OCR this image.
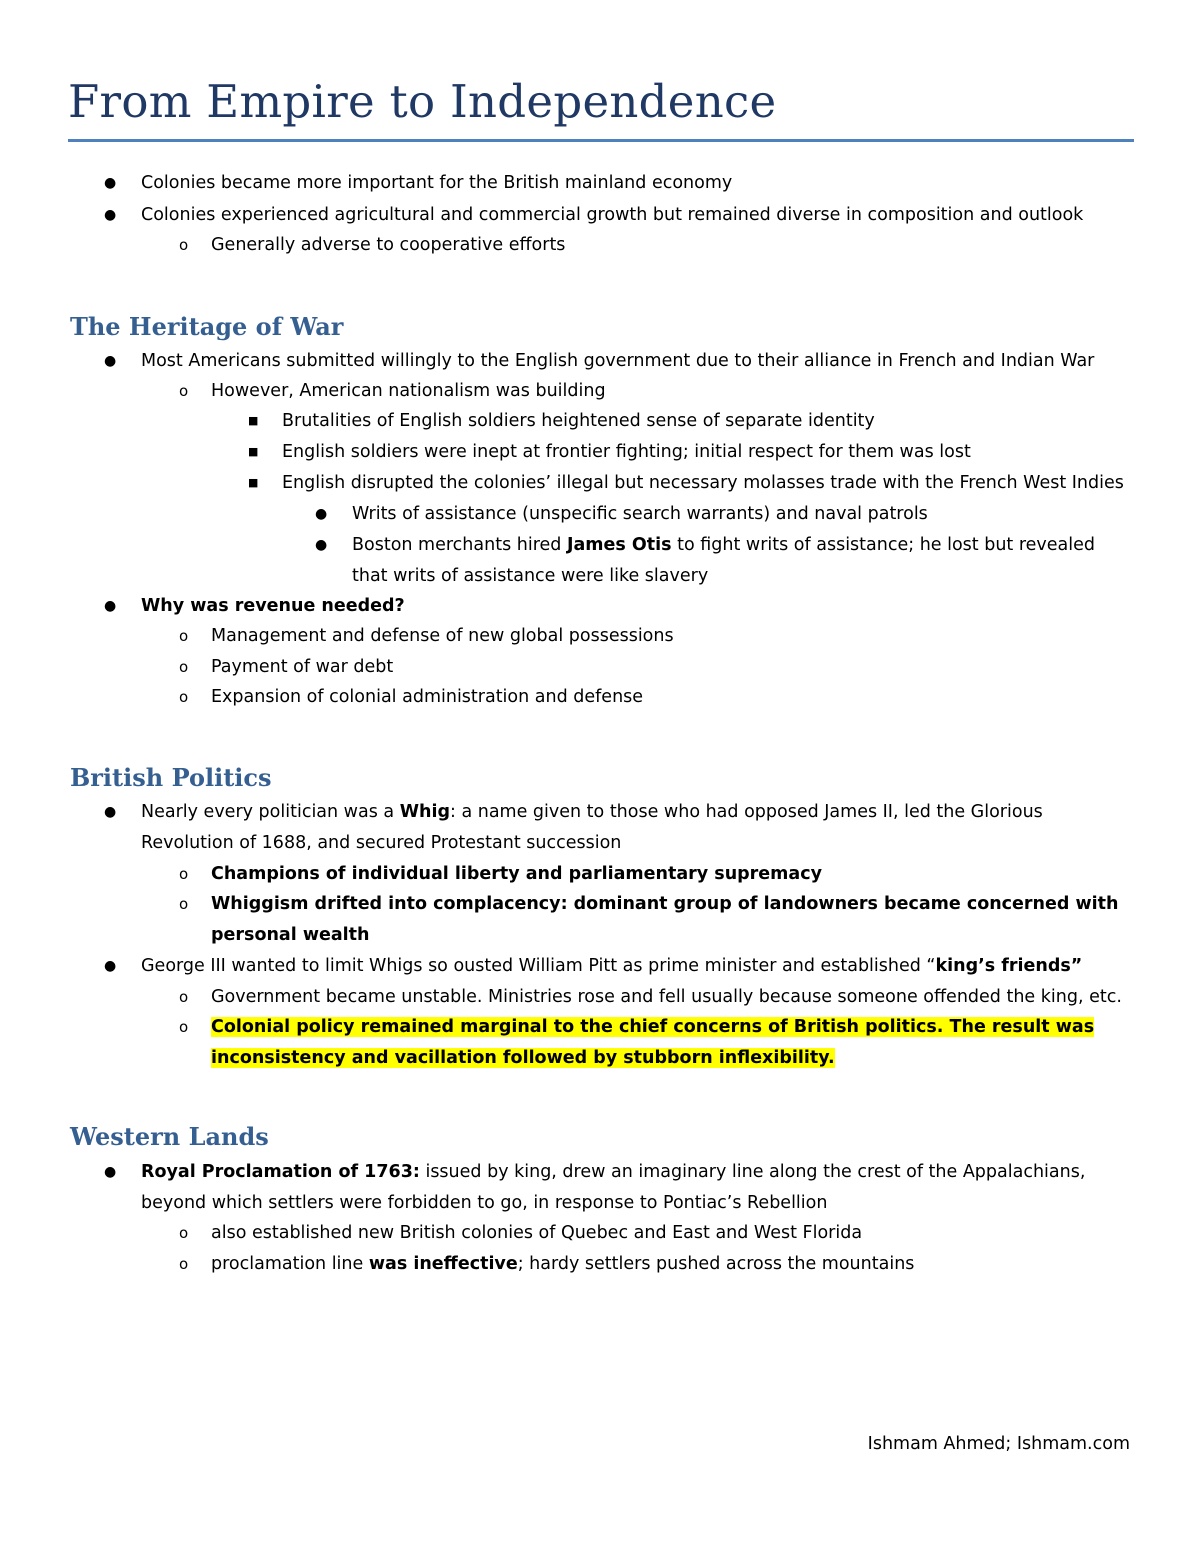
From Empire to Independence
● Colonies became more important for the British mainland economy
● Colonies experienced agricultural and commercial growth but remained diverse in composition and outlook
o Generally adverse to cooperative efforts
The Heritage of War
● Most Americans submitted willingly to the English government due to their alliance in French and Indian War
o However, American nationalism was building
■ Brutalities of English soldiers heightened sense of separate identity
■ English soldiers were inept at frontier fighting; initial respect for them was lost
■ English disrupted the colonies’ illegal but necessary molasses trade with the French West Indies
● Writs of assistance (unspecific search warrants) and naval patrols
● Boston merchants hired James Otis to fight writs of assistance; he lost but revealed that writs of assistance were like slavery
● Why was revenue needed?
o Management and defense of new global possessions
o Payment of war debt
o Expansion of colonial administration and defense
British Politics
● Nearly every politician was a Whig: a name given to those who had opposed James II, led the Glorious Revolution of 1688, and secured Protestant succession
o Champions of individual liberty and parliamentary supremacy
o Whiggism drifted into complacency: dominant group of landowners became concerned with personal wealth
● George III wanted to limit Whigs so ousted William Pitt as prime minister and established “king’s friends”
o Government became unstable. Ministries rose and fell usually because someone offended the king, etc.
o Colonial policy remained marginal to the chief concerns of British politics. The result was inconsistency and vacillation followed by stubborn inflexibility.
Western Lands
● Royal Proclamation of 1763: issued by king, drew an imaginary line along the crest of the Appalachians, beyond which settlers were forbidden to go, in response to Pontiac’s Rebellion
o also established new British colonies of Quebec and East and West Florida
o proclamation line was ineffective; hardy settlers pushed across the mountains
Ishmam Ahmed; Ishmam.com
